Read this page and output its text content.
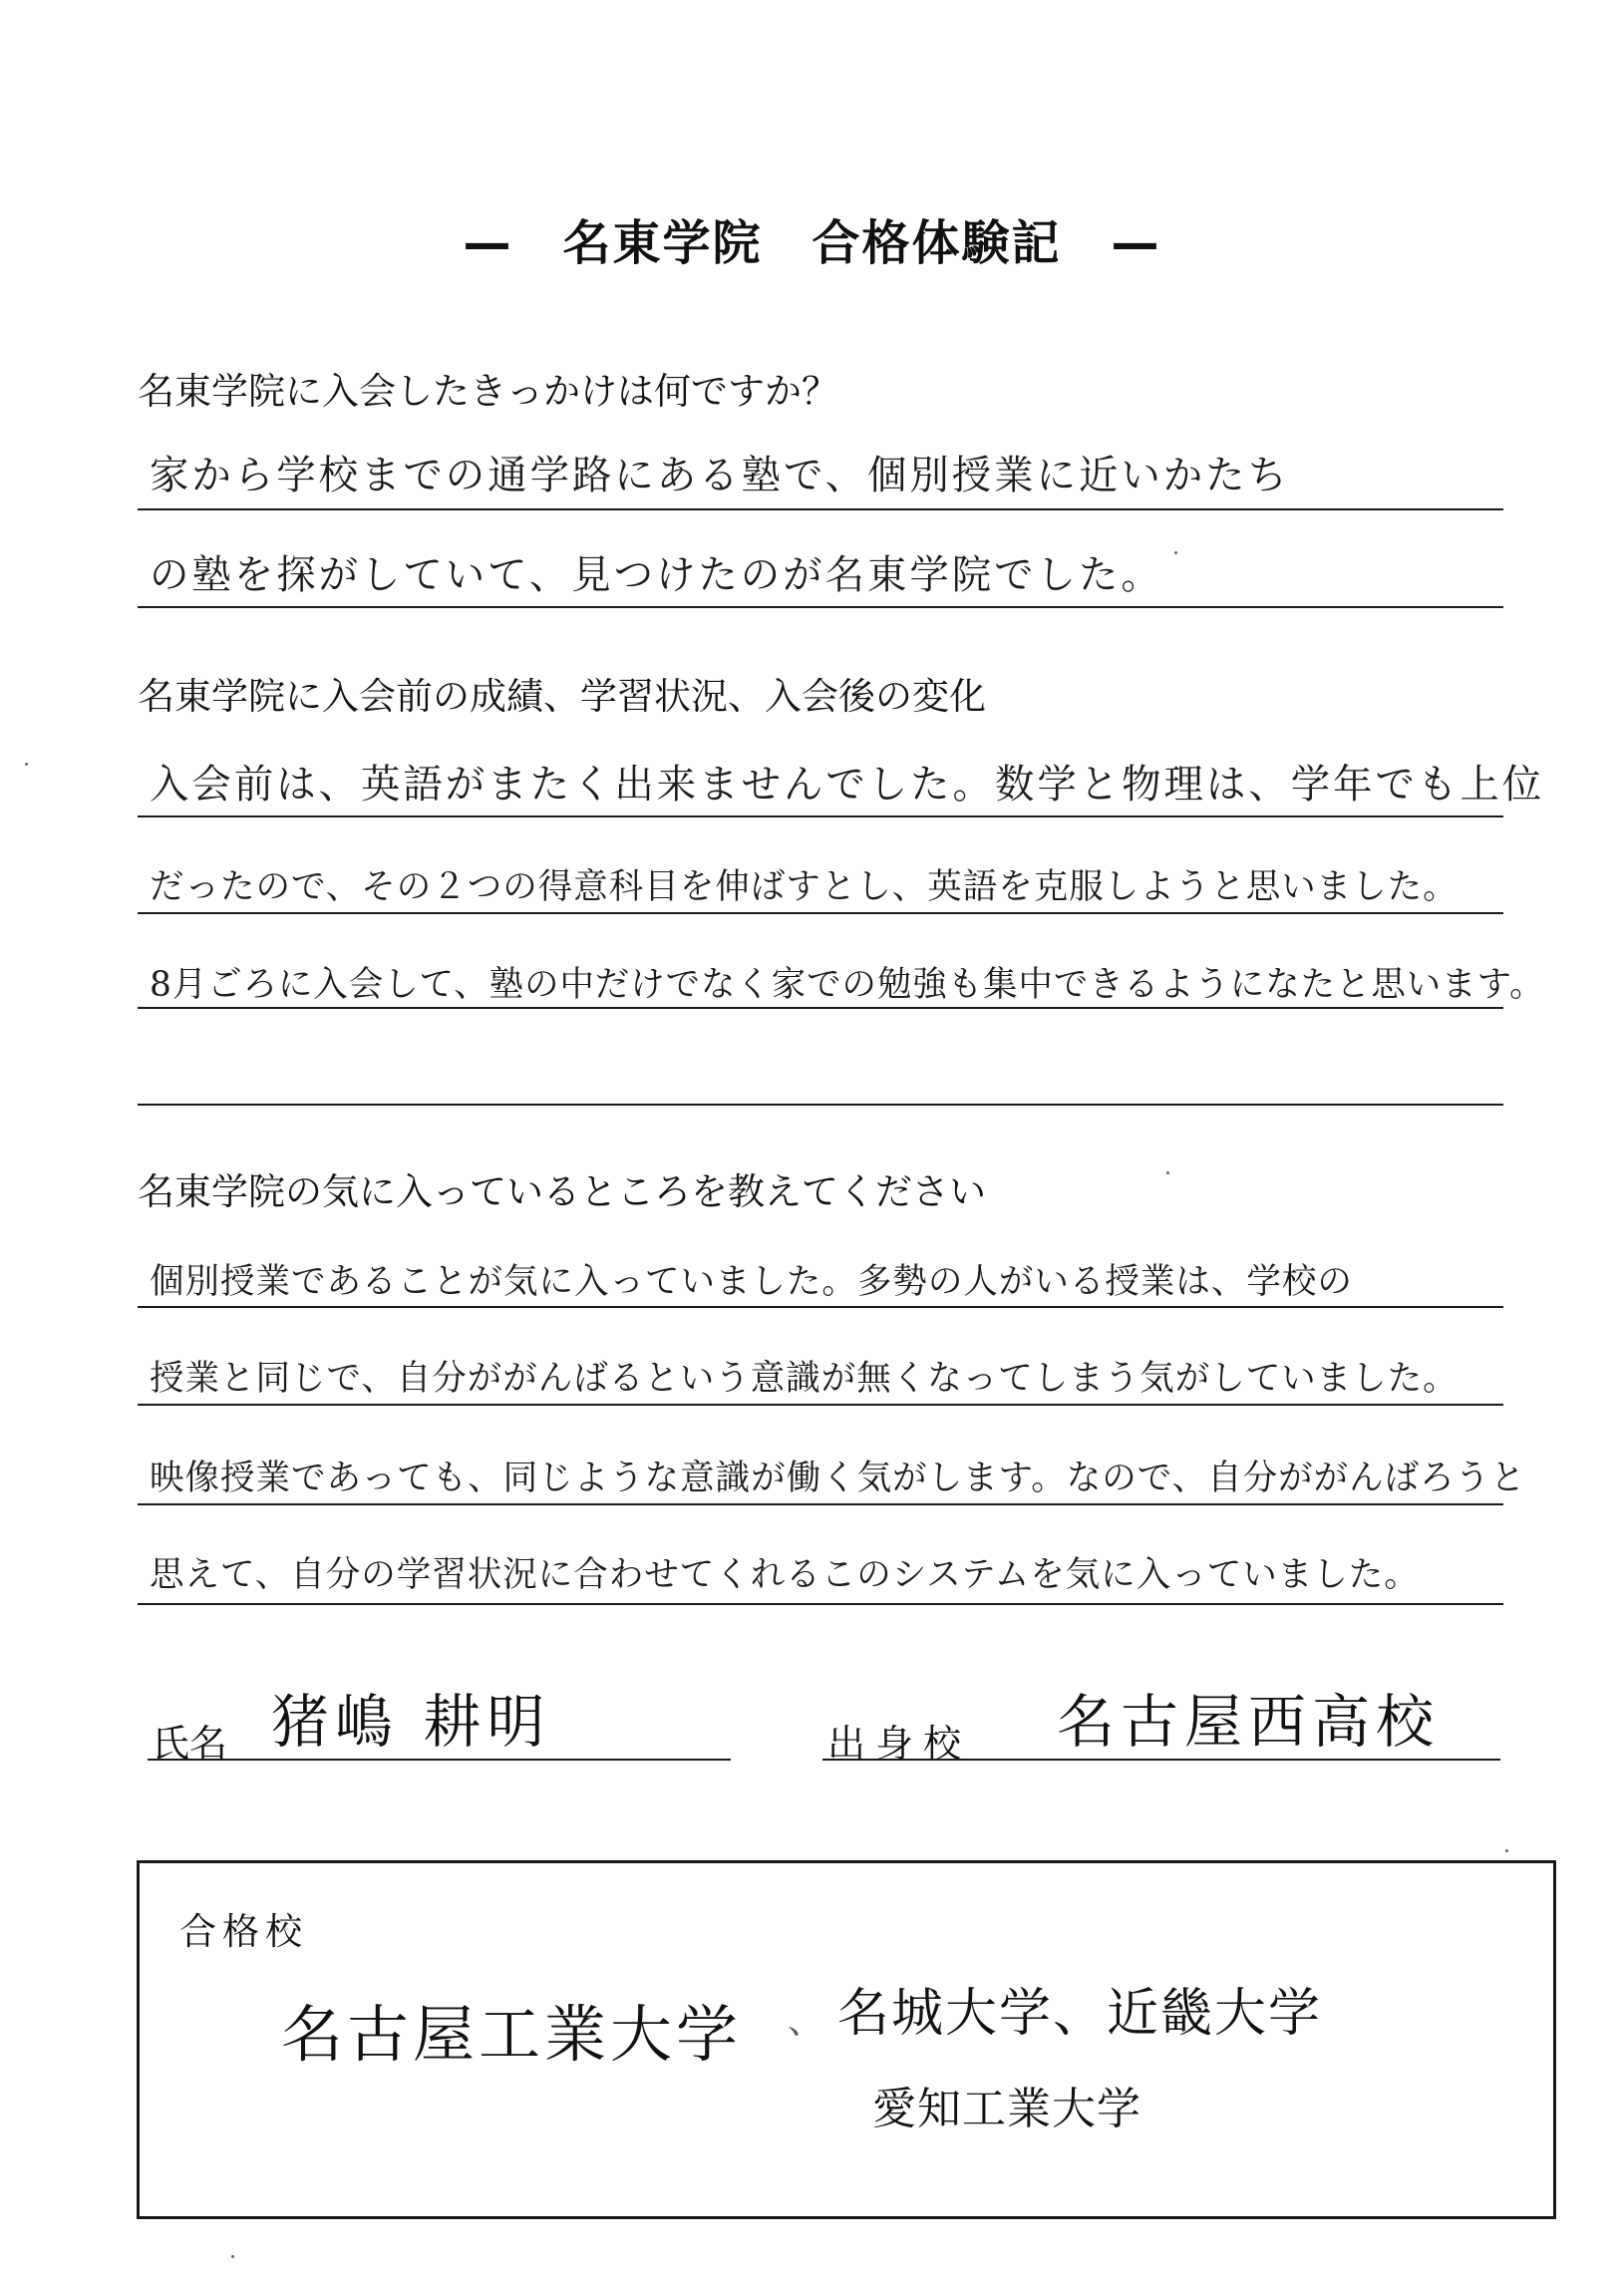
—　名東学院　合格体験記　—
名東学院に入会したきっかけは何ですか？
家から学校までの通学路にある塾で、個別授業に近いかたち
の塾を探がしていて、見つけたのが名東学院でした。
名東学院に入会前の成績、学習状況、入会後の変化
入会前は、英語がまたく出来ませんでした。数学と物理は、学年でも上位
だったので、その２つの得意科目を伸ばすとし、英語を克服しようと思いました。
8月ごろに入会して、塾の中だけでなく家での勉強も集中できるようになたと思います。
名東学院の気に入っているところを教えてください
個別授業であることが気に入っていました。多勢の人がいる授業は、学校の
授業と同じで、自分ががんばるという意識が無くなってしまう気がしていました。
映像授業であっても、同じような意識が働く気がします。なので、自分ががんばろうと
思えて、自分の学習状況に合わせてくれるこのシステムを気に入っていました。
氏名 猪嶋 耕明	出身校 名古屋西高校
合格校
名古屋工業大学 、 名城大学、近畿大学
愛知工業大学
